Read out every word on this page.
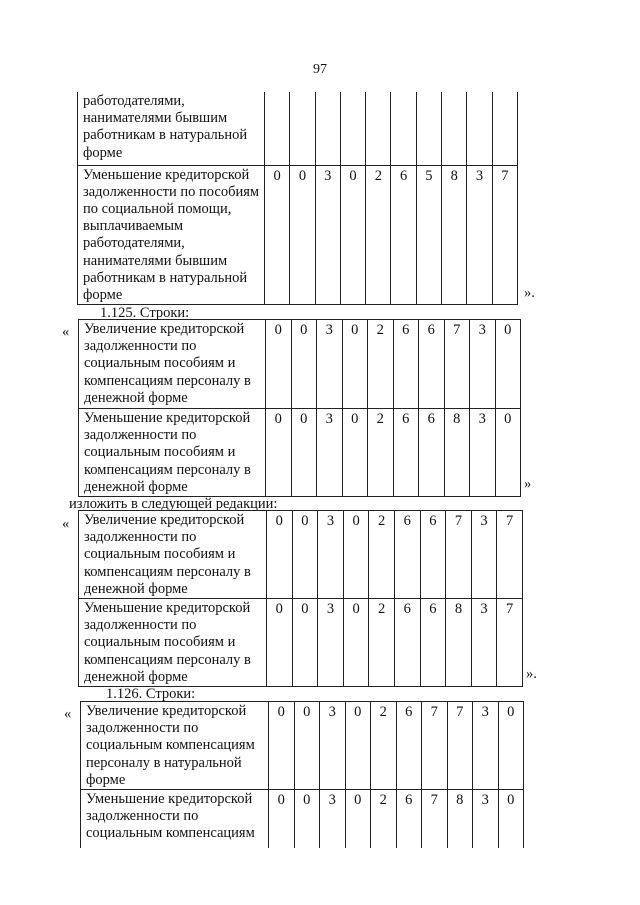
97
работодателями, нанимателями бывшим работникам в натуральной форме										
Уменьшение кредиторской задолженности по пособиям по социальной помощи, выплачиваемым работодателями, нанимателями бывшим работникам в натуральной форме	0	0	3	0	2	6	5	8	3	7
».
1.125. Строки:
« Увеличение кредиторской задолженности по социальным пособиям и компенсациям персоналу в денежной форме	0	0	3	0	2	6	6	7	3	0
Уменьшение кредиторской задолженности по социальным пособиям и компенсациям персоналу в денежной форме	0	0	3	0	2	6	6	8	3	0
»
изложить в следующей редакции:
« Увеличение кредиторской задолженности по социальным пособиям и компенсациям персоналу в денежной форме	0	0	3	0	2	6	6	7	3	7
Уменьшение кредиторской задолженности по социальным пособиям и компенсациям персоналу в денежной форме	0	0	3	0	2	6	6	8	3	7
».
1.126. Строки:
« Увеличение кредиторской задолженности по социальным компенсациям персоналу в натуральной форме	0	0	3	0	2	6	7	7	3	0
Уменьшение кредиторской задолженности по социальным компенсациям	0	0	3	0	2	6	7	8	3	0
